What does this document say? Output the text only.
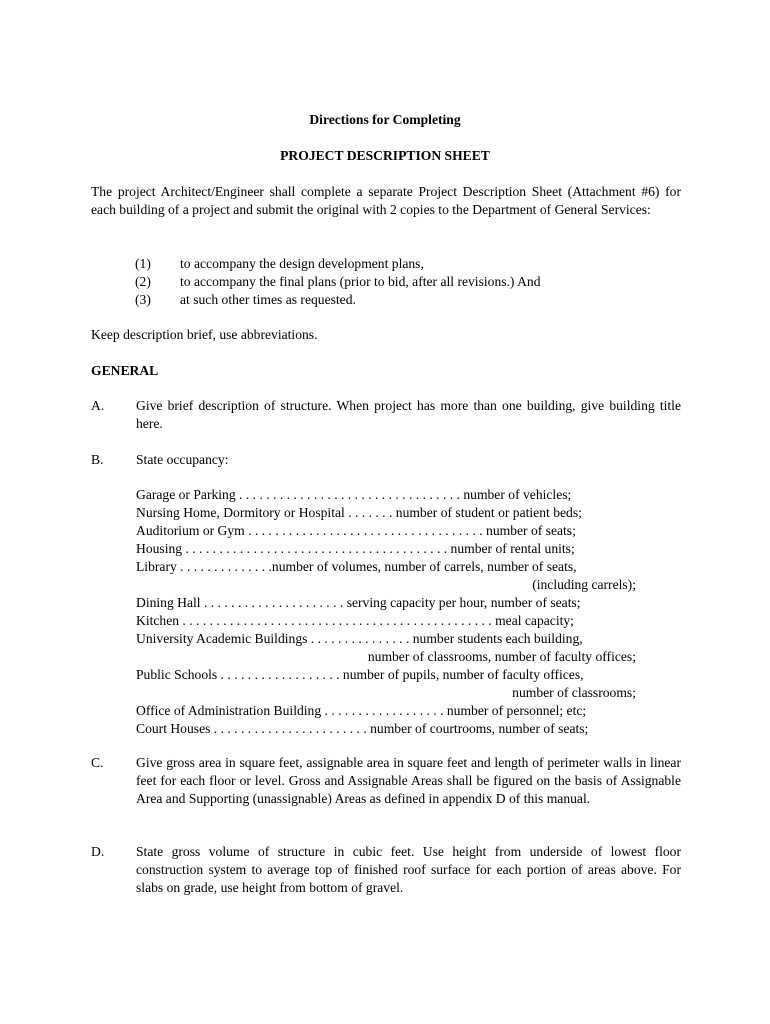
Directions for Completing
PROJECT DESCRIPTION SHEET
The project Architect/Engineer shall complete a separate Project Description Sheet (Attachment #6) for each building of a project and submit the original with 2 copies to the Department of General Services:
(1)	to accompany the design development plans,
(2)	to accompany the final plans (prior to bid, after all revisions.) And
(3)	at such other times as requested.
Keep description brief, use abbreviations.
GENERAL
A.	Give brief description of structure. When project has more than one building, give building title here.
B.	State occupancy:
Garage or Parking . . . . . . . . . . . . . . . . . . . . . . . . . . . . . . . . . number of vehicles;
Nursing Home, Dormitory or Hospital . . . . . . . number of student or patient beds;
Auditorium or Gym . . . . . . . . . . . . . . . . . . . . . . . . . . . . . . . . . . . number of seats;
Housing . . . . . . . . . . . . . . . . . . . . . . . . . . . . . . . . . . . . . . . number of rental units;
Library . . . . . . . . . . . . . .number of volumes, number of carrels, number of seats,
(including carrels);
Dining Hall . . . . . . . . . . . . . . . . . . . . . serving capacity per hour, number of seats;
Kitchen . . . . . . . . . . . . . . . . . . . . . . . . . . . . . . . . . . . . . . . . . . . . . . meal capacity;
University Academic Buildings . . . . . . . . . . . . . . . number students each building,
number of classrooms, number of faculty offices;
Public Schools . . . . . . . . . . . . . . . . . . number of pupils, number of faculty offices,
number of classrooms;
Office of Administration Building . . . . . . . . . . . . . . . . . . number of personnel; etc;
Court Houses . . . . . . . . . . . . . . . . . . . . . . . number of courtrooms, number of seats;
C.	Give gross area in square feet, assignable area in square feet and length of perimeter walls in linear feet for each floor or level. Gross and Assignable Areas shall be figured on the basis of Assignable Area and Supporting (unassignable) Areas as defined in appendix D of this manual.
D.	State gross volume of structure in cubic feet. Use height from underside of lowest floor construction system to average top of finished roof surface for each portion of areas above. For slabs on grade, use height from bottom of gravel.
